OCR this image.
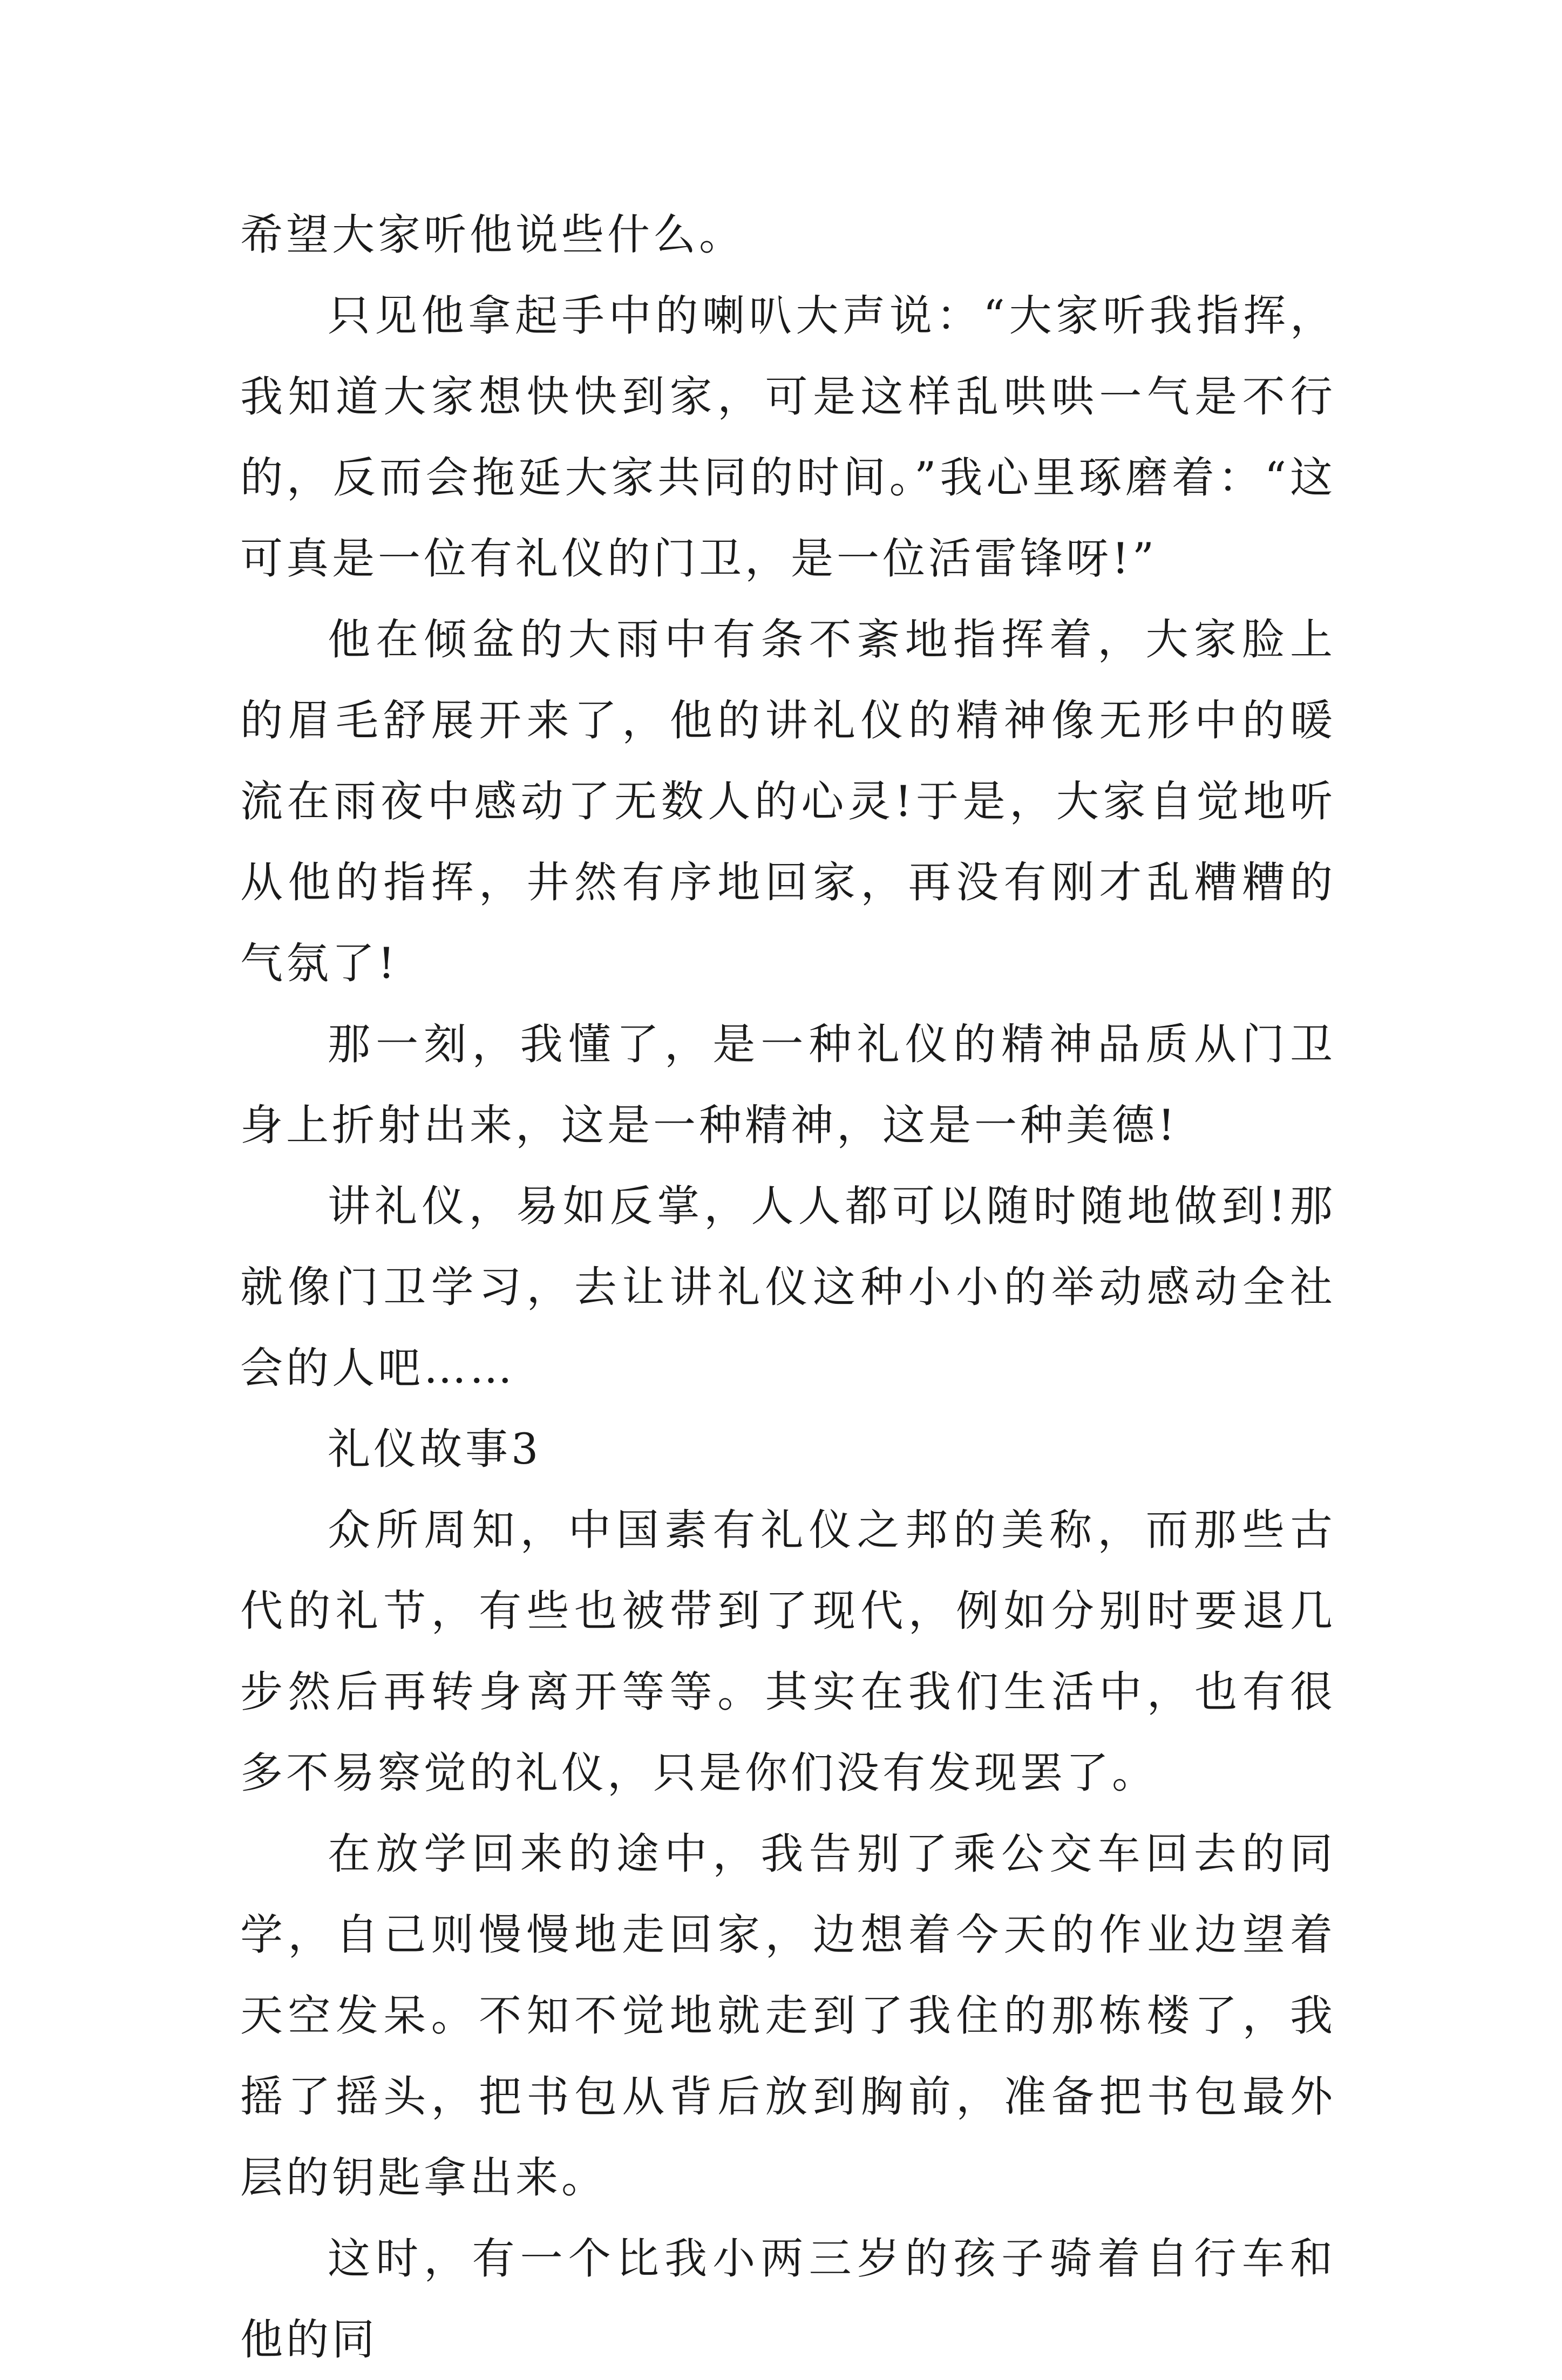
希望大家听他说些什么。

只见他拿起手中的喇叭大声说：“大家听我指挥，我知道大家想快快到家，可是这样乱哄哄一气是不行的，反而会拖延大家共同的时间。”我心里琢磨着：“这可真是一位有礼仪的门卫，是一位活雷锋呀!”

他在倾盆的大雨中有条不紊地指挥着，大家脸上的眉毛舒展开来了，他的讲礼仪的精神像无形中的暖流在雨夜中感动了无数人的心灵!于是，大家自觉地听从他的指挥，井然有序地回家，再没有刚才乱糟糟的气氛了!

那一刻，我懂了，是一种礼仪的精神品质从门卫身上折射出来，这是一种精神，这是一种美德!

讲礼仪，易如反掌，人人都可以随时随地做到!那就像门卫学习，去让讲礼仪这种小小的举动感动全社会的人吧……

礼仪故事3

众所周知，中国素有礼仪之邦的美称，而那些古代的礼节，有些也被带到了现代，例如分别时要退几步然后再转身离开等等。其实在我们生活中，也有很多不易察觉的礼仪，只是你们没有发现罢了。

在放学回来的途中，我告别了乘公交车回去的同学，自己则慢慢地走回家，边想着今天的作业边望着天空发呆。不知不觉地就走到了我住的那栋楼了，我摇了摇头，把书包从背后放到胸前，准备把书包最外层的钥匙拿出来。

这时，有一个比我小两三岁的孩子骑着自行车和他的同
